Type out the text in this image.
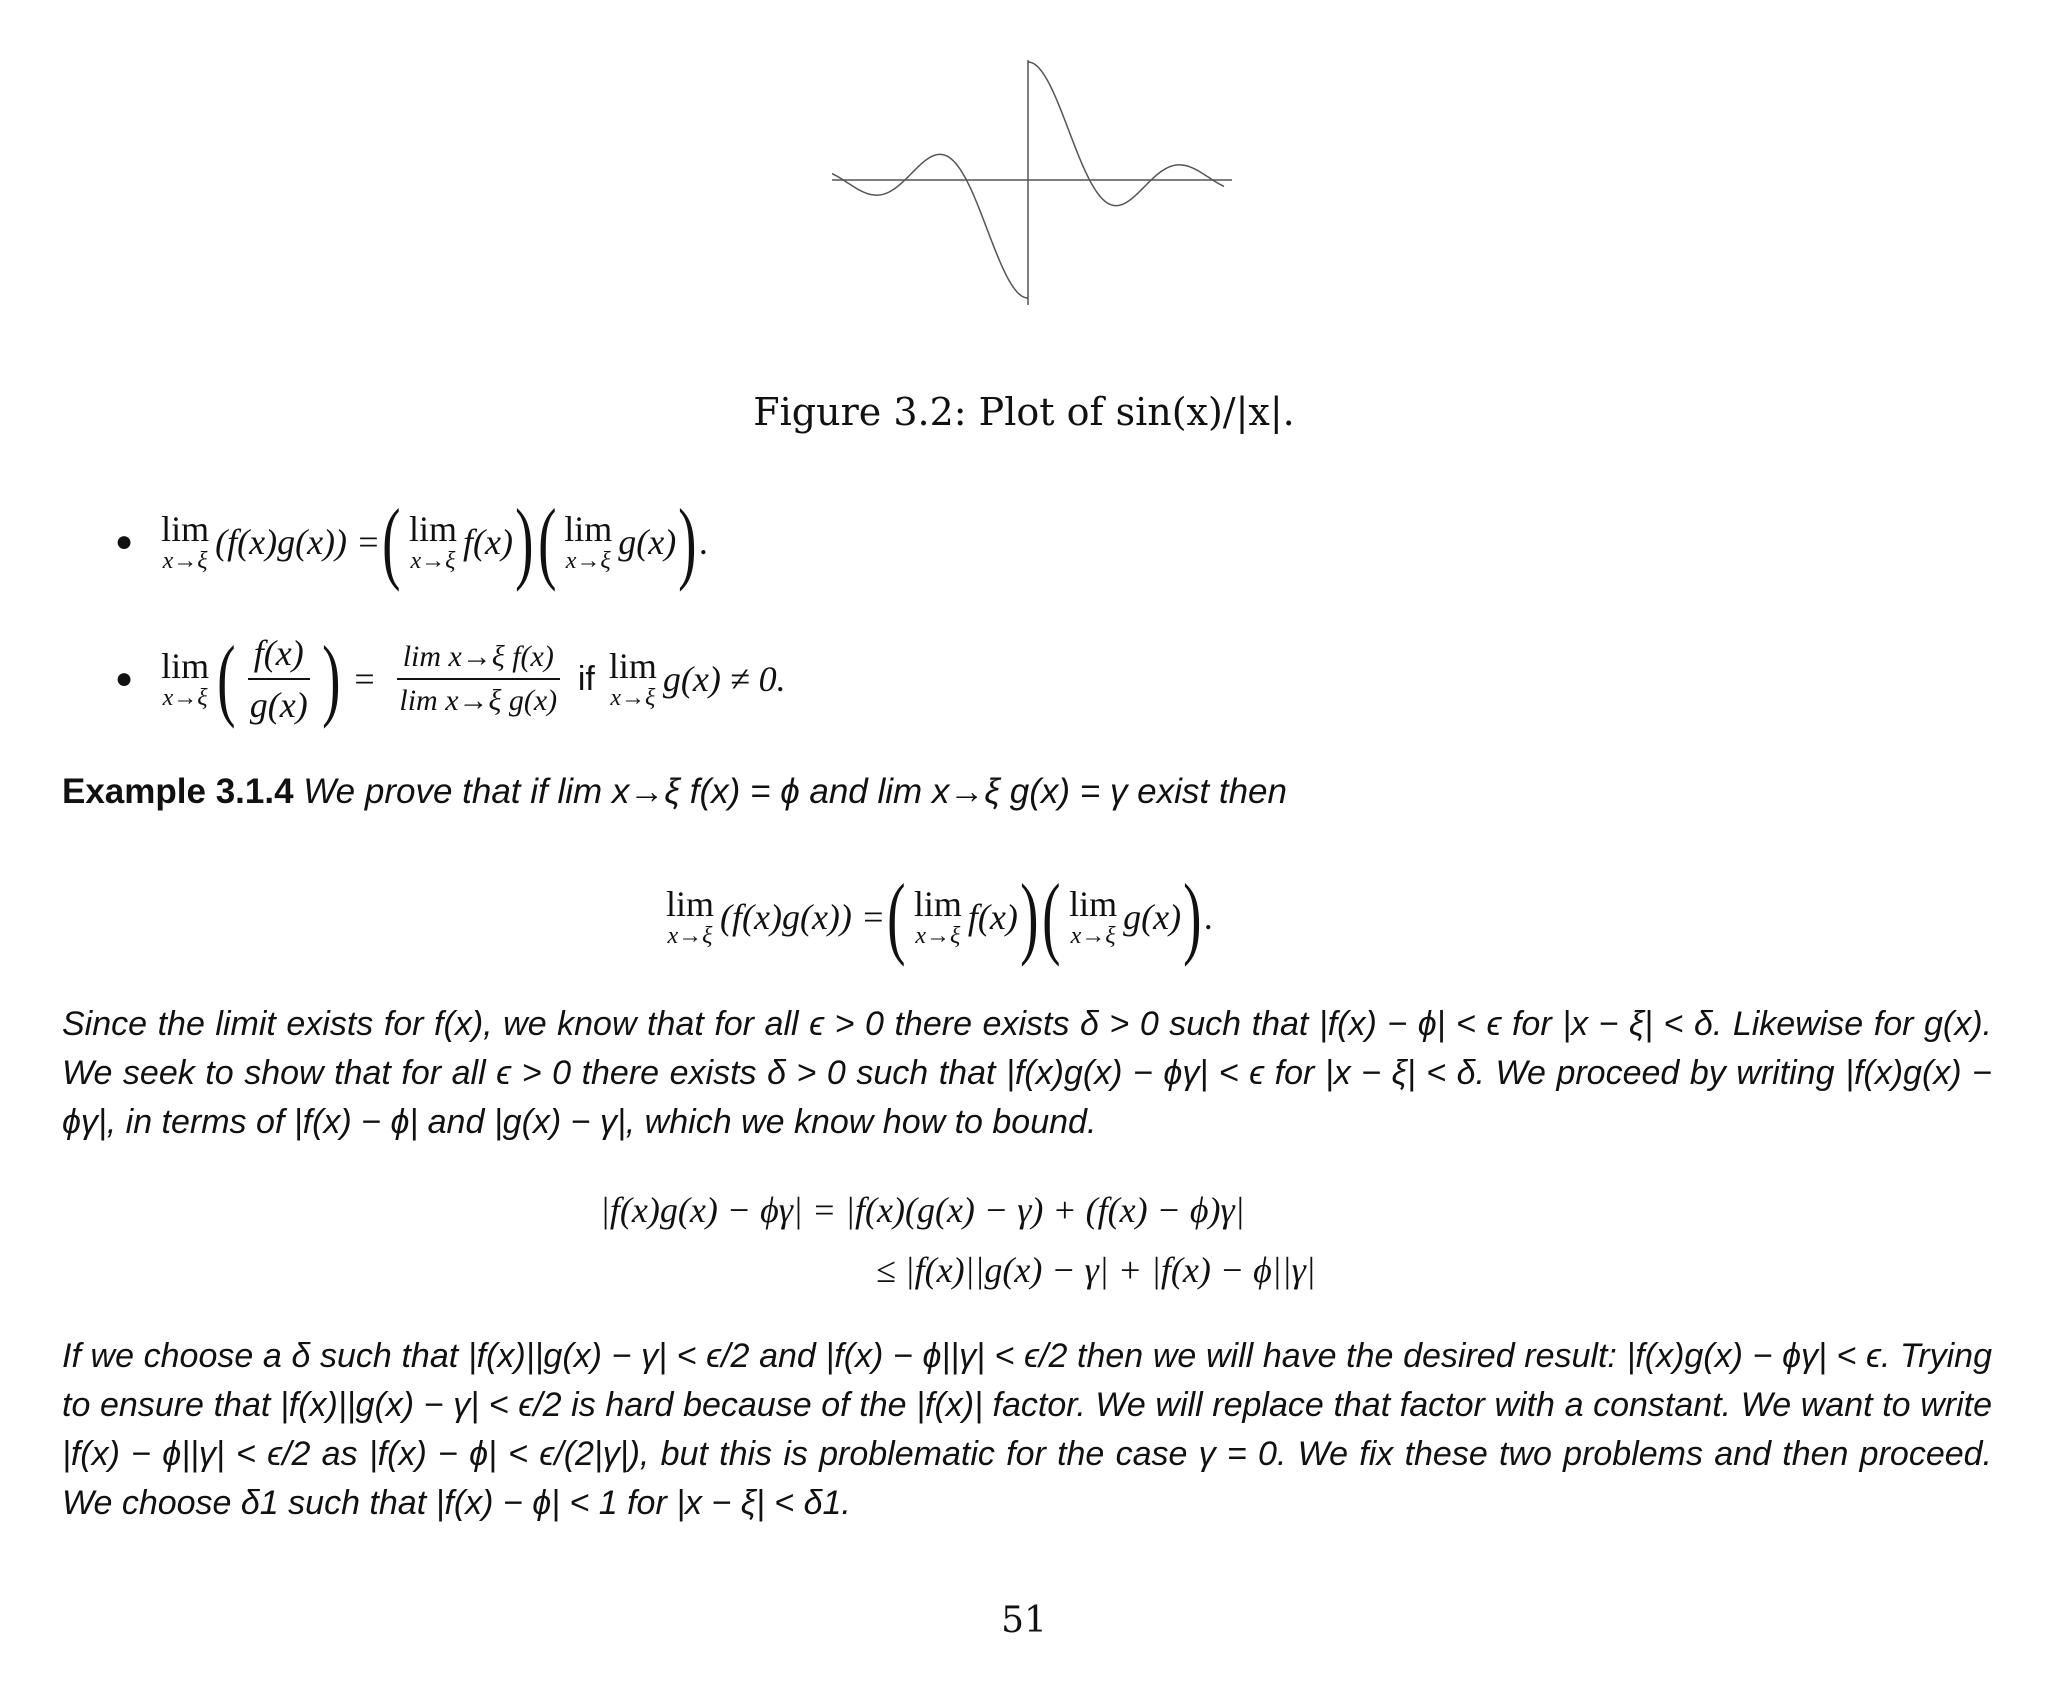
Figure 3.2: Plot of sin(x)/|x|.
● lim
x→ξ (f(x)g(x)) = ( lim
x→ξ f(x) ) ( lim
x→ξ g(x) ) .
● lim
x→ξ ( $\frac{f(x)}{g(x)}$ ) = $\frac{\text{lim x→ξ f(x)}}{\text{lim x→ξ g(x)}}$ if lim
x→ξ g(x) ≠ 0.
Example 3.1.4 We prove that if lim x→ξ f(x) = ϕ and lim x→ξ g(x) = γ exist then
lim
x→ξ (f(x)g(x)) = ( lim
x→ξ f(x) ) ( lim
x→ξ g(x) ) .
Since the limit exists for f(x), we know that for all ϵ > 0 there exists δ > 0 such that |f(x) − ϕ| < ϵ for |x − ξ| < δ. Likewise for g(x). We seek to show that for all ϵ > 0 there exists δ > 0 such that |f(x)g(x) − ϕγ| < ϵ for |x − ξ| < δ. We proceed by writing |f(x)g(x) − ϕγ|, in terms of |f(x) − ϕ| and |g(x) − γ|, which we know how to bound.
|f(x)g(x) − ϕγ| = |f(x)(g(x) − γ) + (f(x) − ϕ)γ|
≤ |f(x)||g(x) − γ| + |f(x) − ϕ||γ|
If we choose a δ such that |f(x)||g(x) − γ| < ϵ/2 and |f(x) − ϕ||γ| < ϵ/2 then we will have the desired result: |f(x)g(x) − ϕγ| < ϵ. Trying to ensure that |f(x)||g(x) − γ| < ϵ/2 is hard because of the |f(x)| factor. We will replace that factor with a constant. We want to write |f(x) − ϕ||γ| < ϵ/2 as |f(x) − ϕ| < ϵ/(2|γ|), but this is problematic for the case γ = 0. We fix these two problems and then proceed. We choose δ1 such that |f(x) − ϕ| < 1 for |x − ξ| < δ1.
51
